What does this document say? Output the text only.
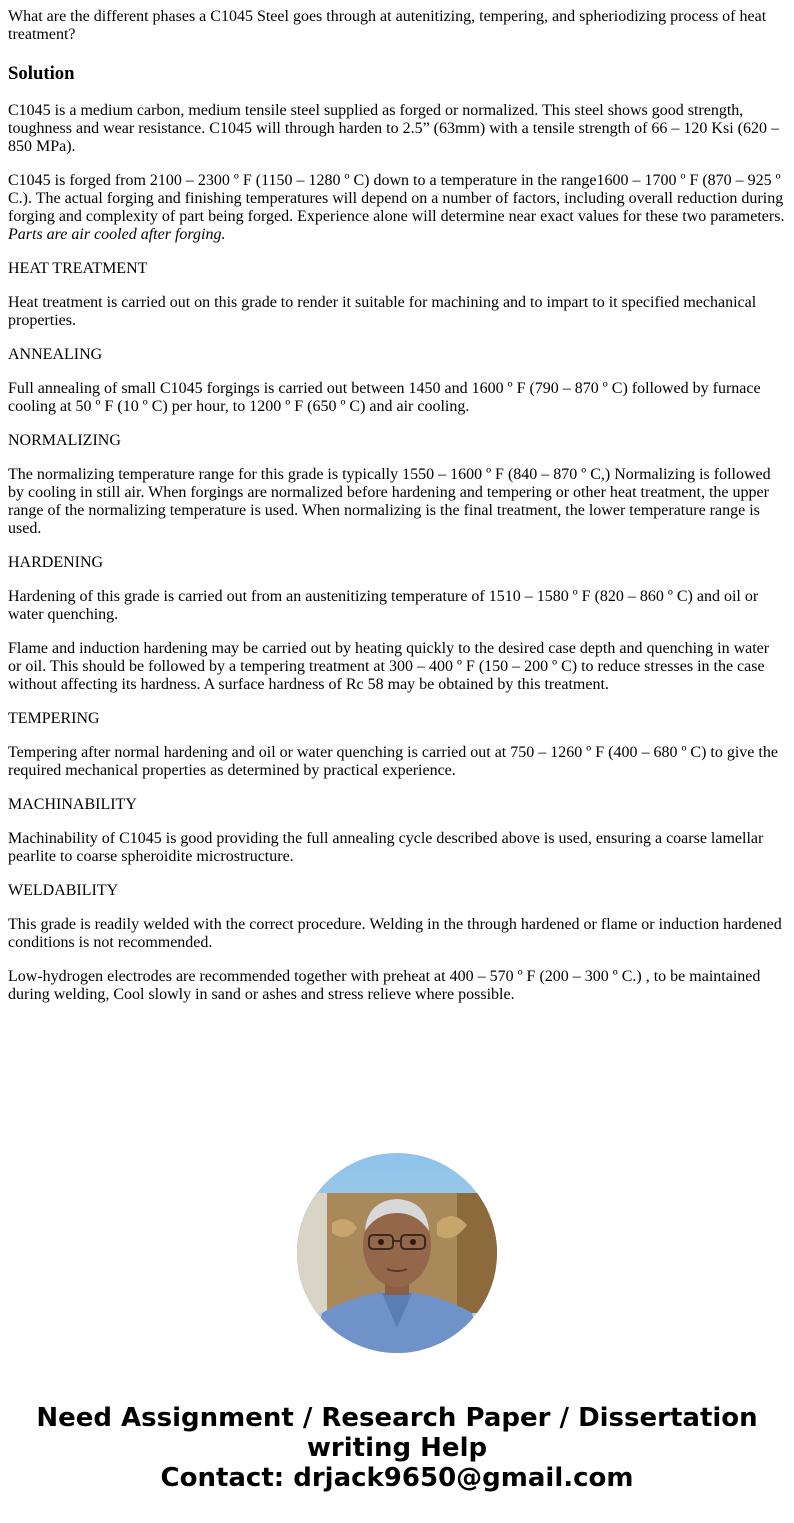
What are the different phases a C1045 Steel goes through at autenitizing, tempering, and spheriodizing process of heat treatment?

Solution

C1045 is a medium carbon, medium tensile steel supplied as forged or normalized. This steel shows good strength, toughness and wear resistance. C1045 will through harden to 2.5” (63mm) with a tensile strength of 66 – 120 Ksi (620 – 850 MPa).

C1045 is forged from 2100 – 2300 º F (1150 – 1280 º C) down to a temperature in the range1600 – 1700 º F (870 – 925 º C.). The actual forging and finishing temperatures will depend on a number of factors, including overall reduction during forging and complexity of part being forged. Experience alone will determine near exact values for these two parameters. Parts are air cooled after forging.

HEAT TREATMENT

Heat treatment is carried out on this grade to render it suitable for machining and to impart to it specified mechanical properties.

ANNEALING

Full annealing of small C1045 forgings is carried out between 1450 and 1600 º F (790 – 870 º C) followed by furnace cooling at 50 º F (10 º C) per hour, to 1200 º F (650 º C) and air cooling.

NORMALIZING

The normalizing temperature range for this grade is typically 1550 – 1600 º F (840 – 870 º C,) Normalizing is followed by cooling in still air. When forgings are normalized before hardening and tempering or other heat treatment, the upper range of the normalizing temperature is used. When normalizing is the final treatment, the lower temperature range is used.

HARDENING

Hardening of this grade is carried out from an austenitizing temperature of 1510 – 1580 º F (820 – 860 º C) and oil or water quenching.

Flame and induction hardening may be carried out by heating quickly to the desired case depth and quenching in water or oil. This should be followed by a tempering treatment at 300 – 400 º F (150 – 200 º C) to reduce stresses in the case without affecting its hardness. A surface hardness of Rc 58 may be obtained by this treatment.

TEMPERING

Tempering after normal hardening and oil or water quenching is carried out at 750 – 1260 º F (400 – 680 º C) to give the required mechanical properties as determined by practical experience.

MACHINABILITY

Machinability of C1045 is good providing the full annealing cycle described above is used, ensuring a coarse lamellar pearlite to coarse spheroidite microstructure.

WELDABILITY

This grade is readily welded with the correct procedure. Welding in the through hardened or flame or induction hardened conditions is not recommended.

Low-hydrogen electrodes are recommended together with preheat at 400 – 570 º F (200 – 300 º C.) , to be maintained during welding, Cool slowly in sand or ashes and stress relieve where possible.

Need Assignment / Research Paper / Dissertation
writing Help
Contact: drjack9650@gmail.com
